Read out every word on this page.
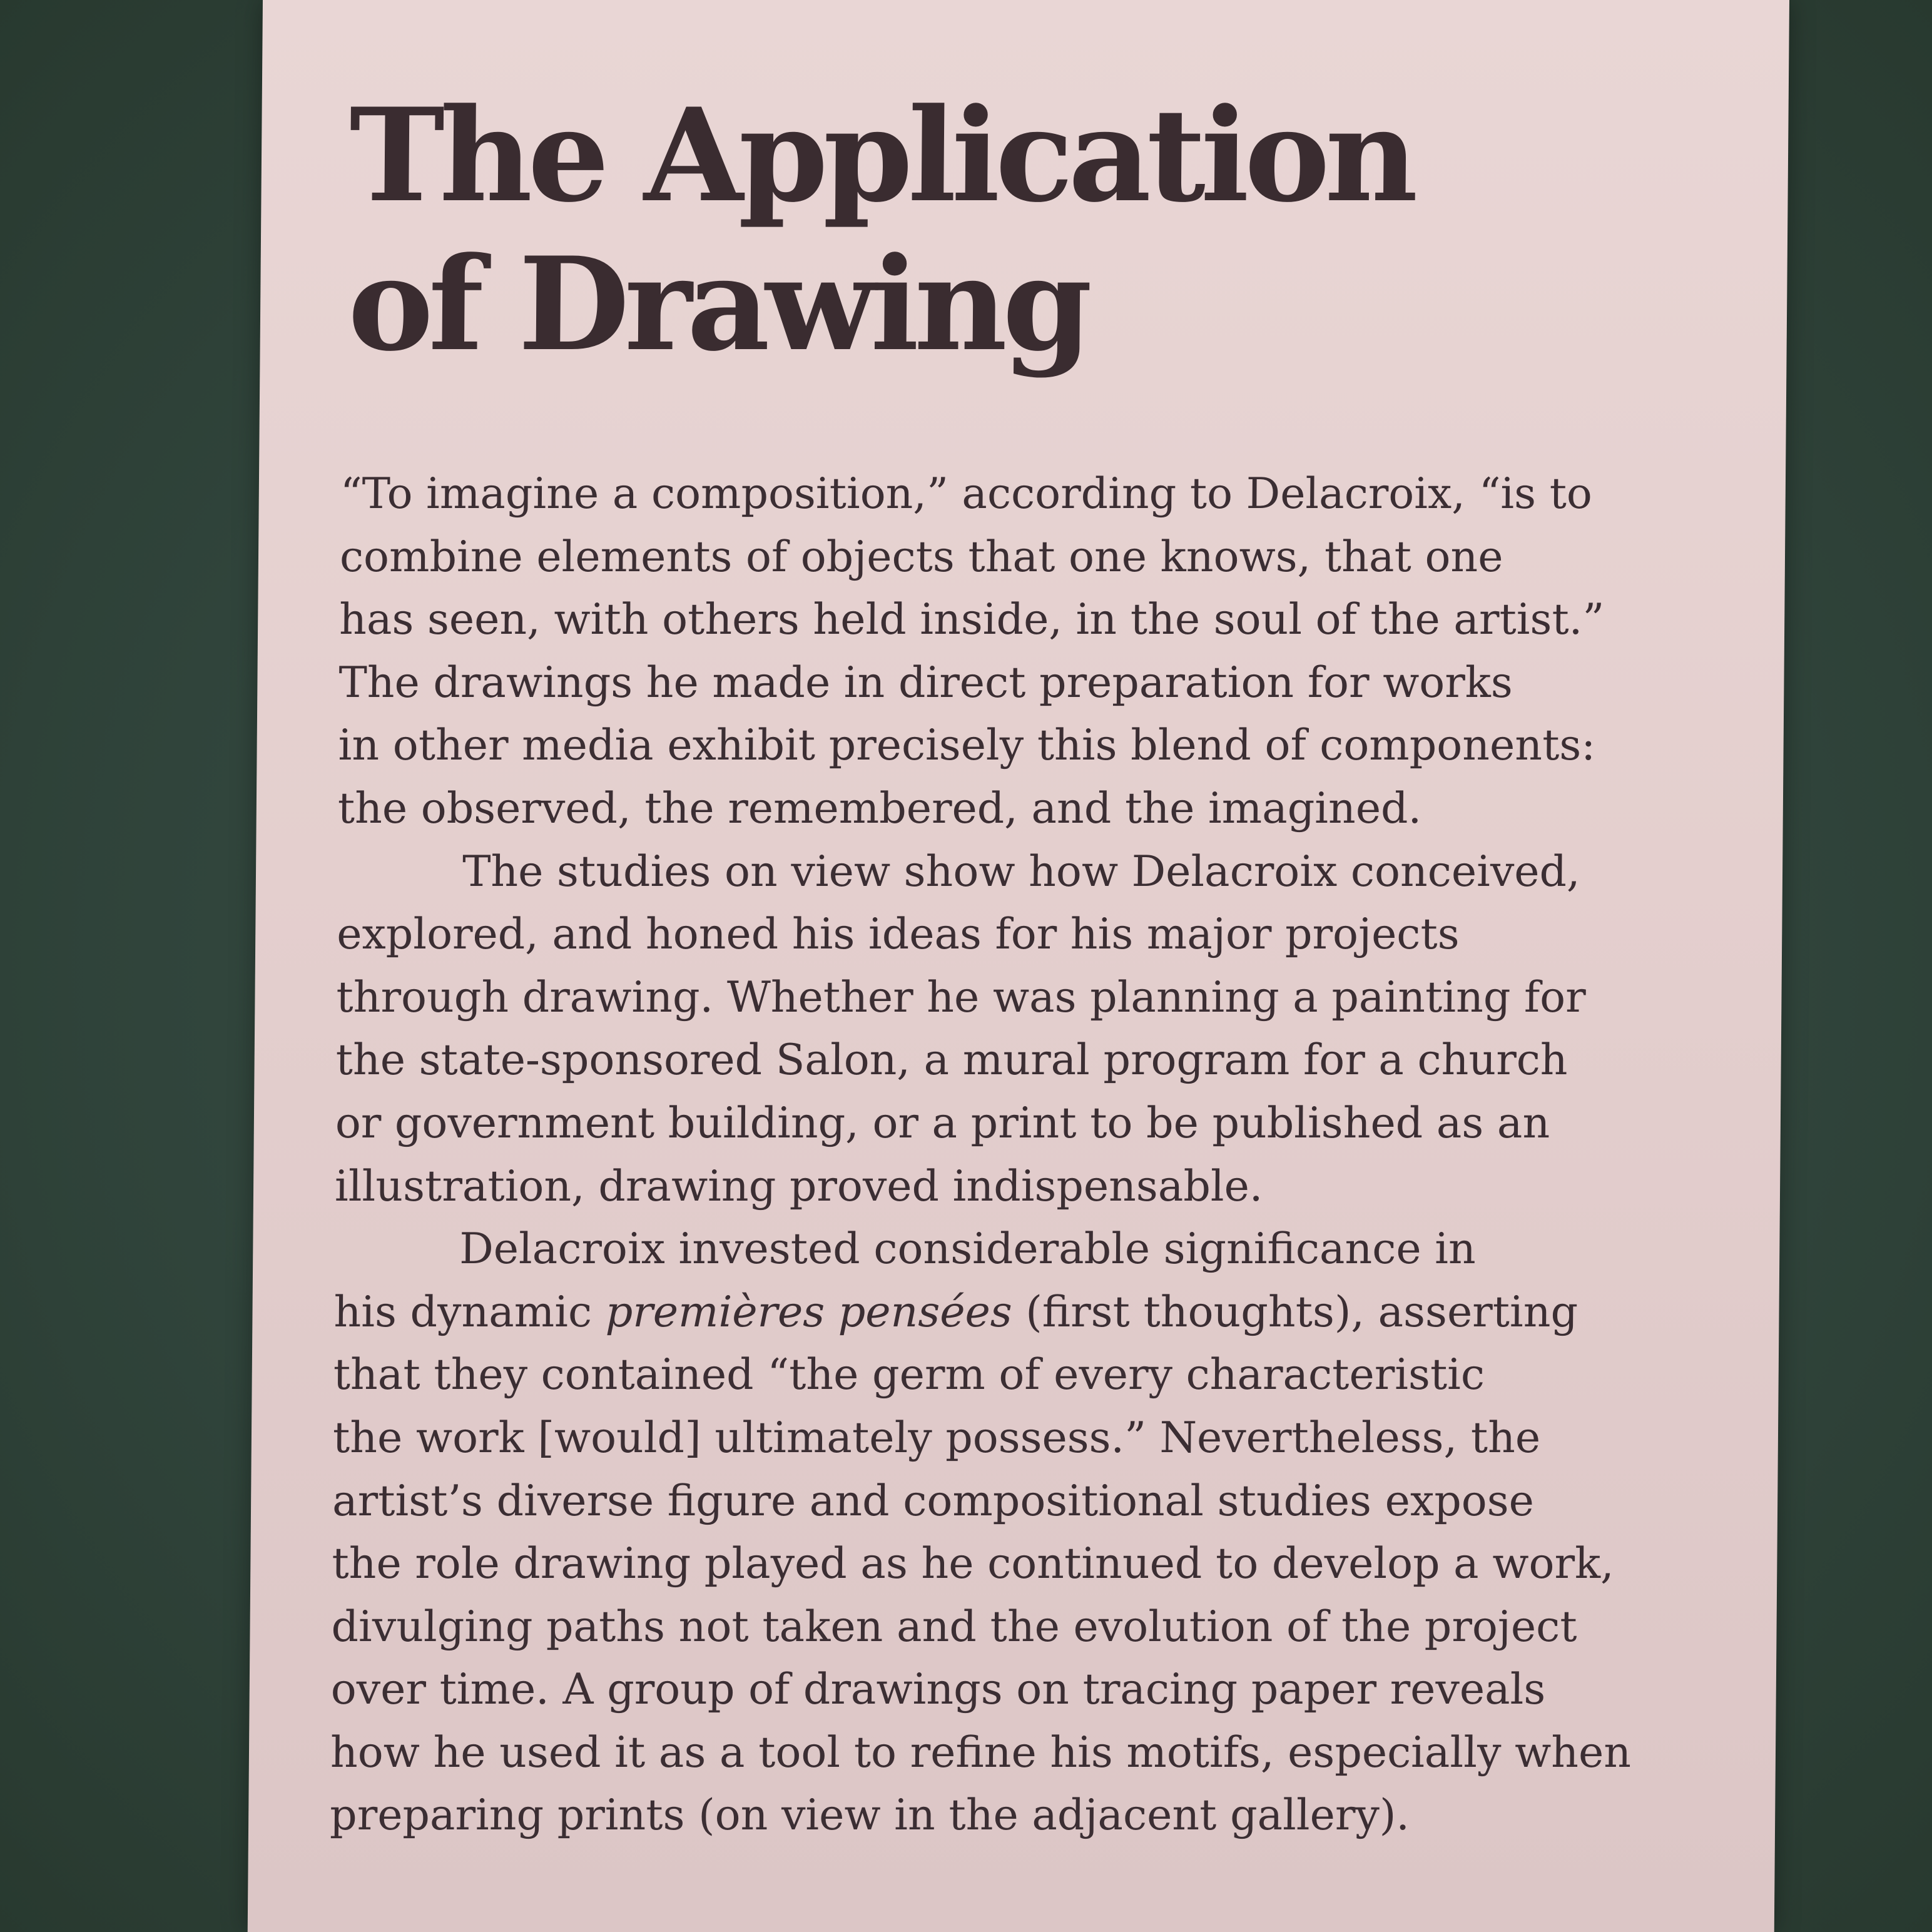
The Application
of Drawing
“To imagine a composition,” according to Delacroix, “is to
combine elements of objects that one knows, that one
has seen, with others held inside, in the soul of the artist.”
The drawings he made in direct preparation for works
in other media exhibit precisely this blend of components:
the observed, the remembered, and the imagined.
The studies on view show how Delacroix conceived,
explored, and honed his ideas for his major projects
through drawing. Whether he was planning a painting for
the state-sponsored Salon, a mural program for a church
or government building, or a print to be published as an
illustration, drawing proved indispensable.
Delacroix invested considerable significance in
his dynamic premières pensées (first thoughts), asserting
that they contained “the germ of every characteristic
the work [would] ultimately possess.” Nevertheless, the
artist’s diverse figure and compositional studies expose
the role drawing played as he continued to develop a work,
divulging paths not taken and the evolution of the project
over time. A group of drawings on tracing paper reveals
how he used it as a tool to refine his motifs, especially when
preparing prints (on view in the adjacent gallery).
